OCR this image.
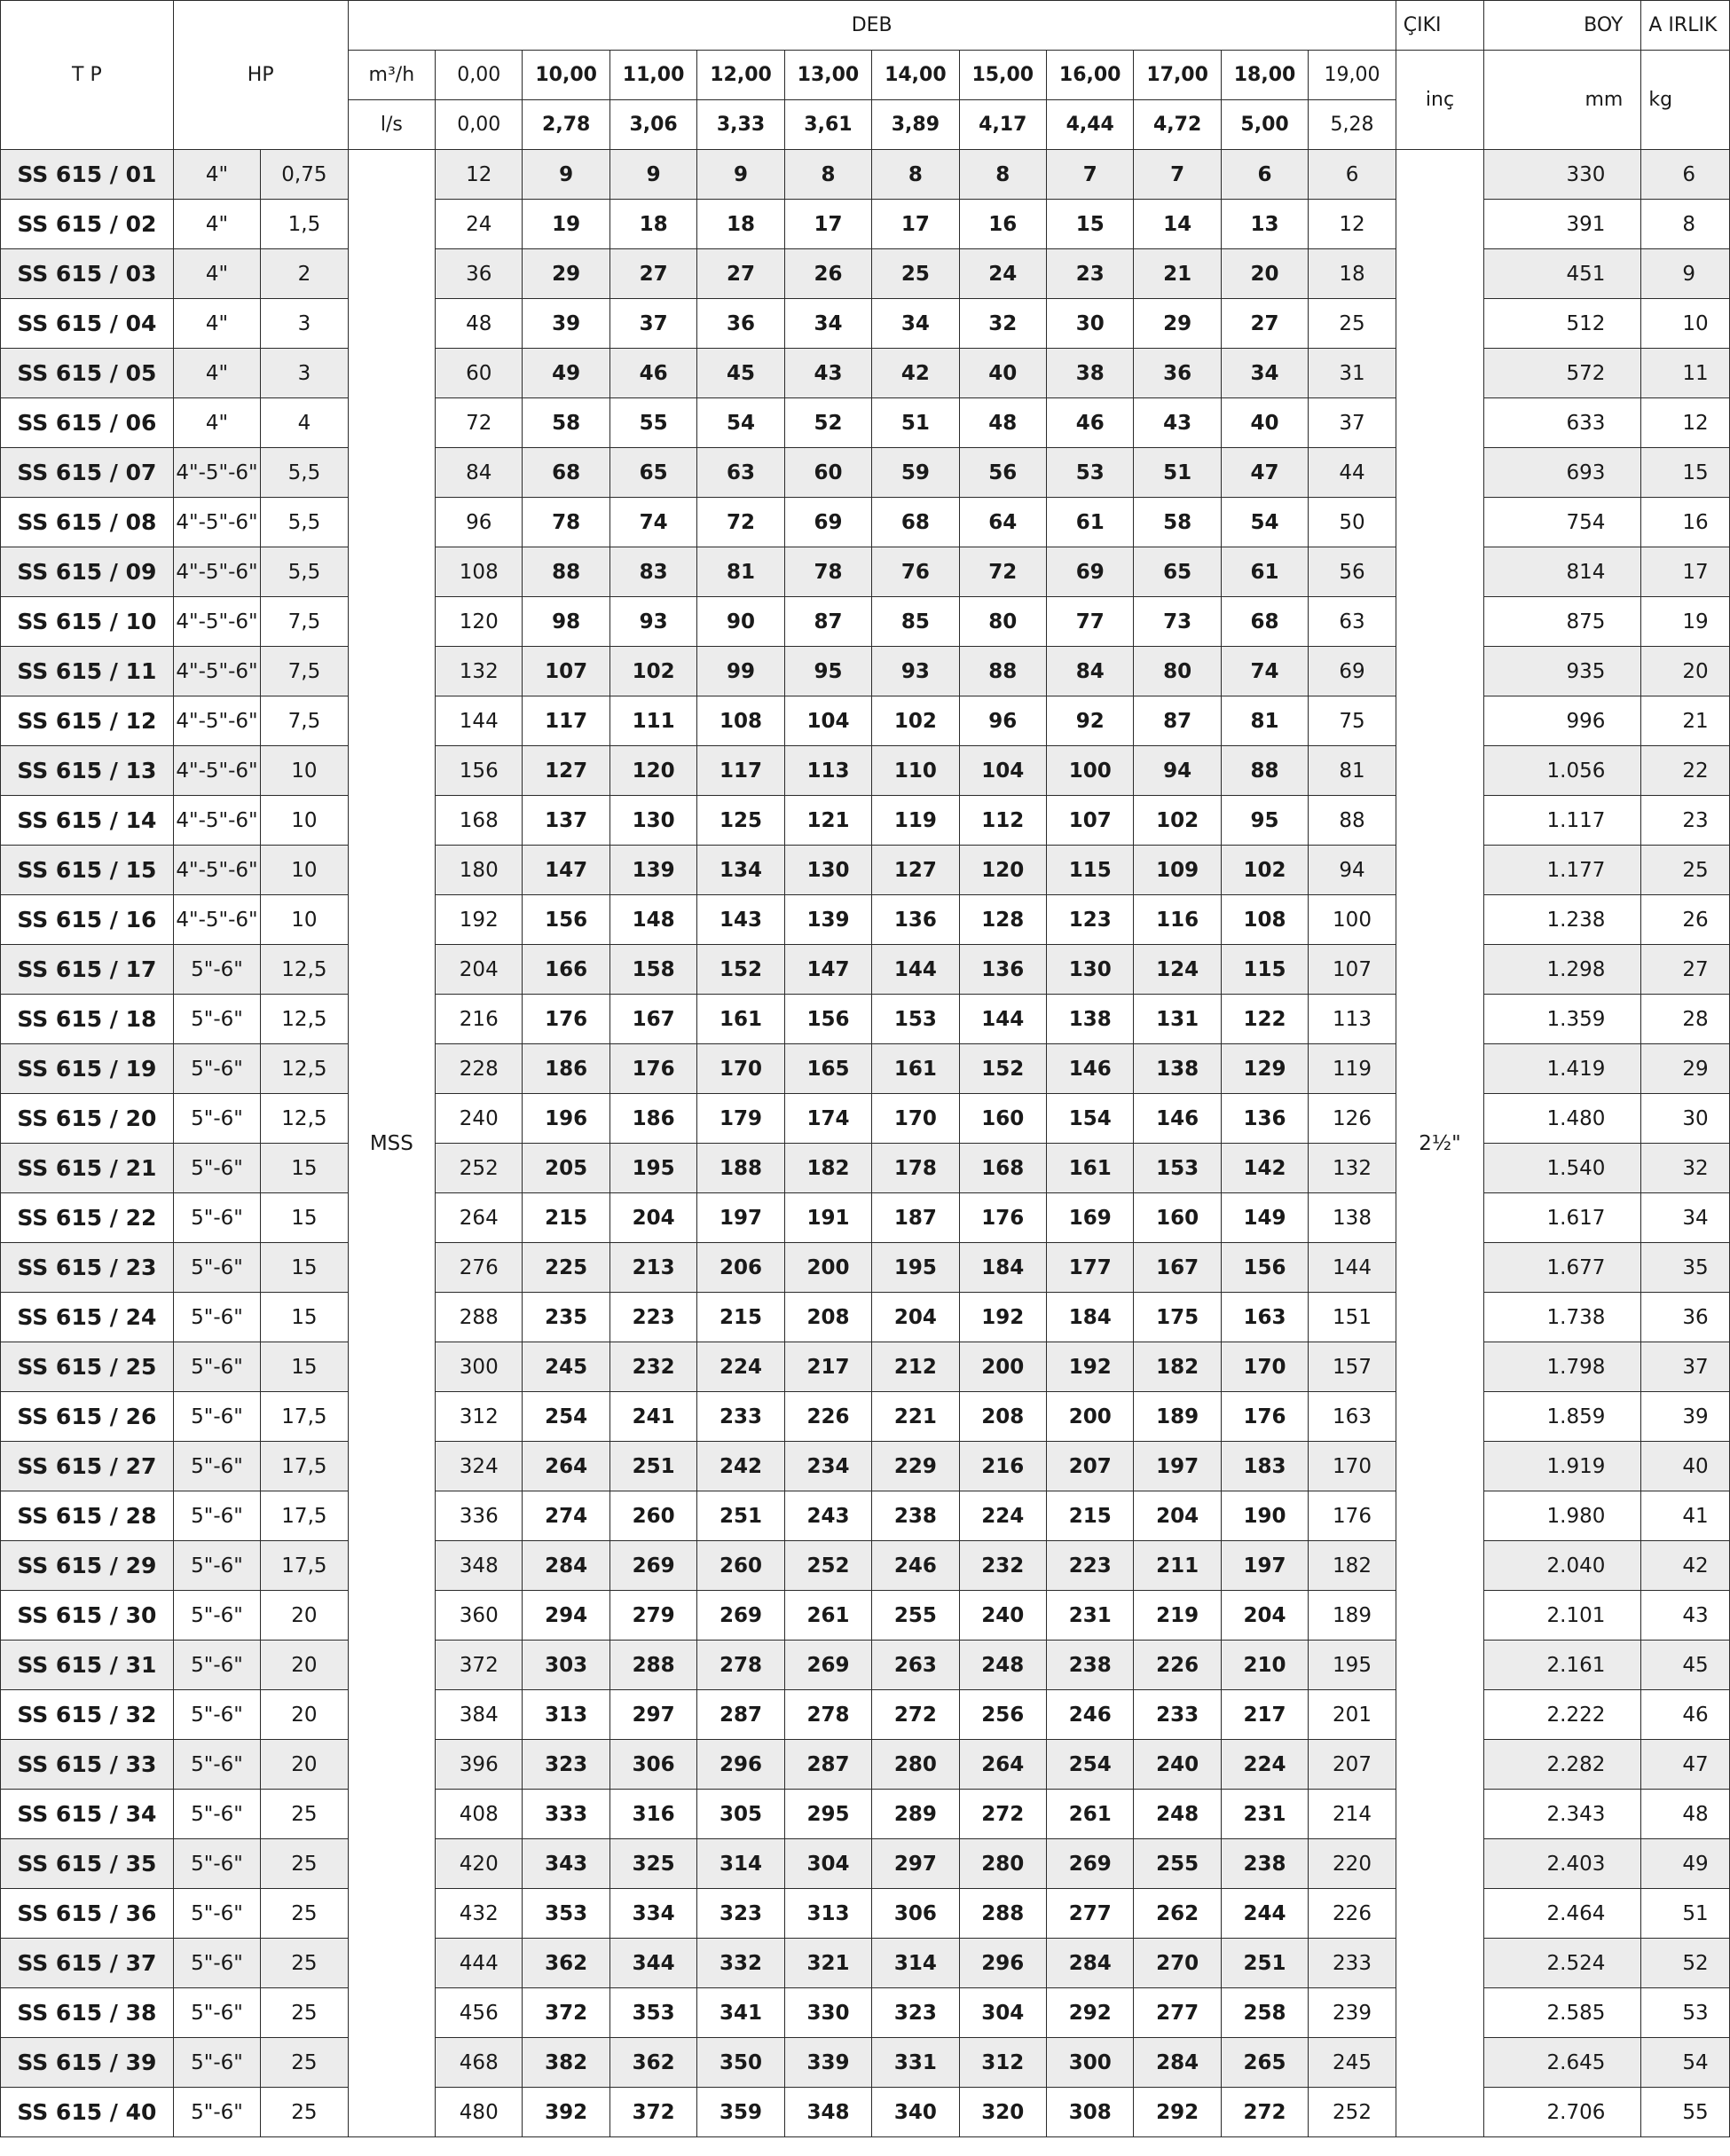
T P	HP		DEB												ÇIKI	BOY	A IRLIK
			m³/h	0,00	10,00	11,00	12,00	13,00	14,00	15,00	16,00	17,00	18,00	19,00	inç	mm	kg
			l/s	0,00	2,78	3,06	3,33	3,61	3,89	4,17	4,44	4,72	5,00	5,28			
SS 615 / 01	4"	0,75	MSS	12	9	9	9	8	8	8	7	7	6	6	2½"	330	6
SS 615 / 02	4"	1,5		24	19	18	18	17	17	16	15	14	13	12		391	8
SS 615 / 03	4"	2		36	29	27	27	26	25	24	23	21	20	18		451	9
SS 615 / 04	4"	3		48	39	37	36	34	34	32	30	29	27	25		512	10
SS 615 / 05	4"	3		60	49	46	45	43	42	40	38	36	34	31		572	11
SS 615 / 06	4"	4		72	58	55	54	52	51	48	46	43	40	37		633	12
SS 615 / 07	4"-5"-6"	5,5		84	68	65	63	60	59	56	53	51	47	44		693	15
SS 615 / 08	4"-5"-6"	5,5		96	78	74	72	69	68	64	61	58	54	50		754	16
SS 615 / 09	4"-5"-6"	5,5		108	88	83	81	78	76	72	69	65	61	56		814	17
SS 615 / 10	4"-5"-6"	7,5		120	98	93	90	87	85	80	77	73	68	63		875	19
SS 615 / 11	4"-5"-6"	7,5		132	107	102	99	95	93	88	84	80	74	69		935	20
SS 615 / 12	4"-5"-6"	7,5		144	117	111	108	104	102	96	92	87	81	75		996	21
SS 615 / 13	4"-5"-6"	10		156	127	120	117	113	110	104	100	94	88	81		1.056	22
SS 615 / 14	4"-5"-6"	10		168	137	130	125	121	119	112	107	102	95	88		1.117	23
SS 615 / 15	4"-5"-6"	10		180	147	139	134	130	127	120	115	109	102	94		1.177	25
SS 615 / 16	4"-5"-6"	10		192	156	148	143	139	136	128	123	116	108	100		1.238	26
SS 615 / 17	5"-6"	12,5		204	166	158	152	147	144	136	130	124	115	107		1.298	27
SS 615 / 18	5"-6"	12,5		216	176	167	161	156	153	144	138	131	122	113		1.359	28
SS 615 / 19	5"-6"	12,5		228	186	176	170	165	161	152	146	138	129	119		1.419	29
SS 615 / 20	5"-6"	12,5		240	196	186	179	174	170	160	154	146	136	126		1.480	30
SS 615 / 21	5"-6"	15		252	205	195	188	182	178	168	161	153	142	132		1.540	32
SS 615 / 22	5"-6"	15		264	215	204	197	191	187	176	169	160	149	138		1.617	34
SS 615 / 23	5"-6"	15		276	225	213	206	200	195	184	177	167	156	144		1.677	35
SS 615 / 24	5"-6"	15		288	235	223	215	208	204	192	184	175	163	151		1.738	36
SS 615 / 25	5"-6"	15		300	245	232	224	217	212	200	192	182	170	157		1.798	37
SS 615 / 26	5"-6"	17,5		312	254	241	233	226	221	208	200	189	176	163		1.859	39
SS 615 / 27	5"-6"	17,5		324	264	251	242	234	229	216	207	197	183	170		1.919	40
SS 615 / 28	5"-6"	17,5		336	274	260	251	243	238	224	215	204	190	176		1.980	41
SS 615 / 29	5"-6"	17,5		348	284	269	260	252	246	232	223	211	197	182		2.040	42
SS 615 / 30	5"-6"	20		360	294	279	269	261	255	240	231	219	204	189		2.101	43
SS 615 / 31	5"-6"	20		372	303	288	278	269	263	248	238	226	210	195		2.161	45
SS 615 / 32	5"-6"	20		384	313	297	287	278	272	256	246	233	217	201		2.222	46
SS 615 / 33	5"-6"	20		396	323	306	296	287	280	264	254	240	224	207		2.282	47
SS 615 / 34	5"-6"	25		408	333	316	305	295	289	272	261	248	231	214		2.343	48
SS 615 / 35	5"-6"	25		420	343	325	314	304	297	280	269	255	238	220		2.403	49
SS 615 / 36	5"-6"	25		432	353	334	323	313	306	288	277	262	244	226		2.464	51
SS 615 / 37	5"-6"	25		444	362	344	332	321	314	296	284	270	251	233		2.524	52
SS 615 / 38	5"-6"	25		456	372	353	341	330	323	304	292	277	258	239		2.585	53
SS 615 / 39	5"-6"	25		468	382	362	350	339	331	312	300	284	265	245		2.645	54
SS 615 / 40	5"-6"	25		480	392	372	359	348	340	320	308	292	272	252		2.706	55
